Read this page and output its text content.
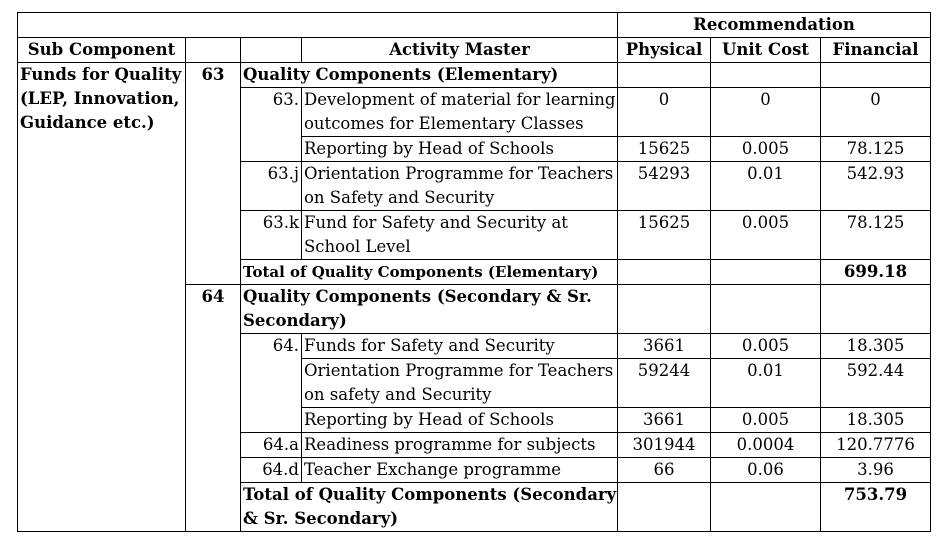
				Recommendation		
Sub Component			Activity Master	Physical	Unit Cost	Financial

Funds for Quality
(LEP, Innovation,
Guidance etc.)	63	Quality Components (Elementary)				
		63.	Development of material for learning
outcomes for Elementary Classes	0	0	0
			Reporting by Head of Schools	15625	0.005	78.125
		63.j	Orientation Programme for Teachers
on Safety and Security	54293	0.01	542.93
		63.k	Fund for Safety and Security at
School Level	15625	0.005	78.125
		Total of Quality Components (Elementary)				699.18
	64	Quality Components (Secondary & Sr.
Secondary)				

		64.	Funds for Safety and Security	3661	0.005	18.305

			Orientation Programme for Teachers
on safety and Security	59244	0.01	592.44
			Reporting by Head of Schools	3661	0.005	18.305
		64.a	Readiness programme for subjects	301944	0.0004	120.7776
		64.d	Teacher Exchange programme	66	0.06	3.96

		Total of Quality Components (Secondary
& Sr. Secondary)				753.79
